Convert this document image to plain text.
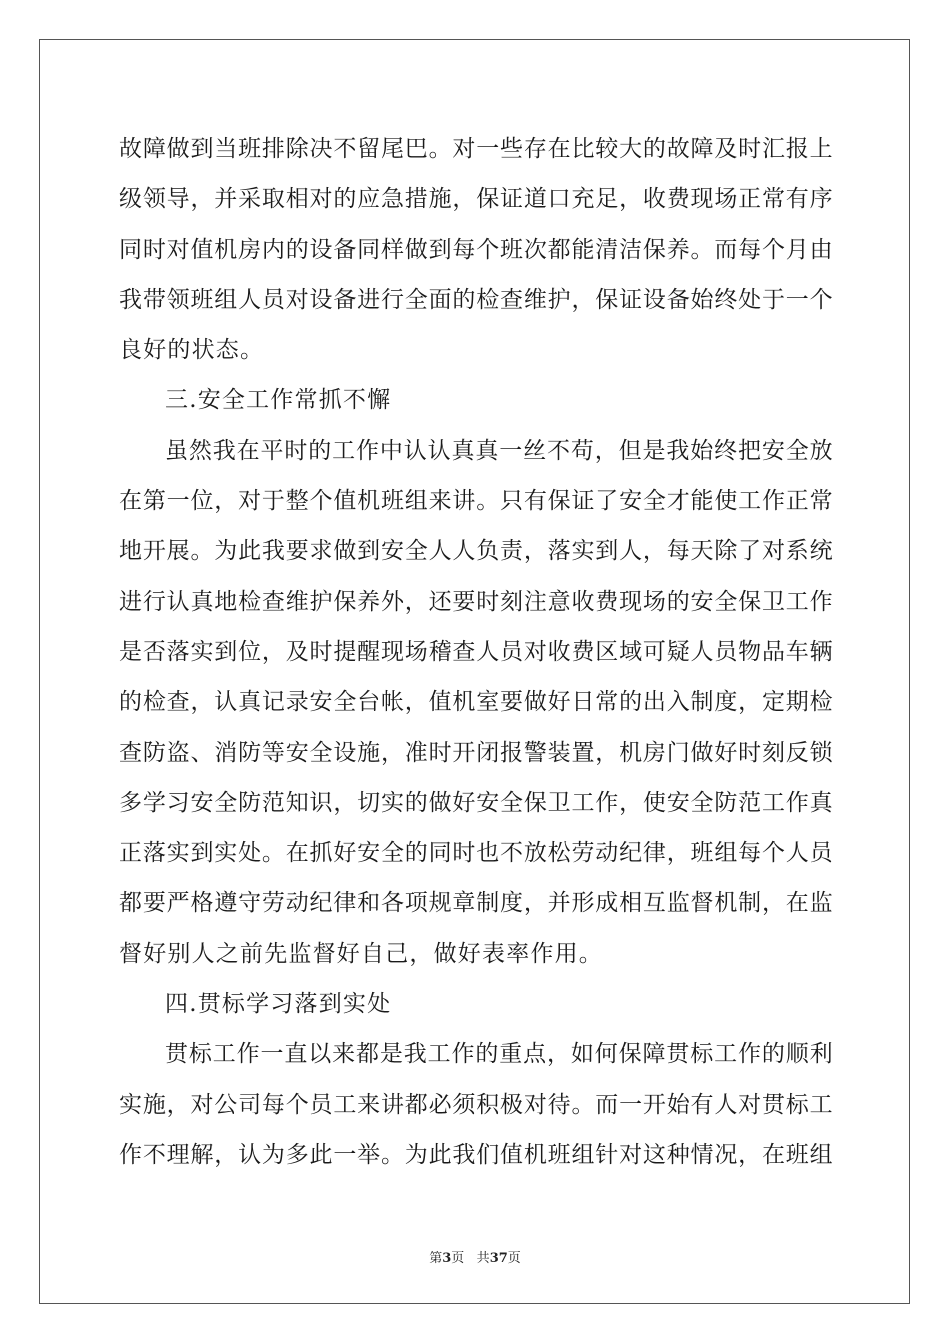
故 障 做 到 当 班 排 除 决 不 留 尾 巴 。 对 一 些 存 在 比 较 大 的 故 障 及 时 汇 报 上
级 领 导 ， 并 采 取 相 对 的 应 急 措 施 ， 保 证 道 口 充 足 ， 收 费 现 场 正 常 有 序
同 时 对 值 机 房 内 的 设 备 同 样 做 到 每 个 班 次 都 能 清 洁 保 养 。 而 每 个 月 由
我 带 领 班 组 人 员 对 设 备 进 行 全 面 的 检 查 维 护 ， 保 证 设 备 始 终 处 于 一 个
良好的状态。
三.安全工作常抓不懈
虽 然 我 在 平 时 的 工 作 中 认 认 真 真 一 丝 不 苟 ， 但 是 我 始 终 把 安 全 放
在 第 一 位 ， 对 于 整 个 值 机 班 组 来 讲 。 只 有 保 证 了 安 全 才 能 使 工 作 正 常
地 开 展 。 为 此 我 要 求 做 到 安 全 人 人 负 责 ， 落 实 到 人 ， 每 天 除 了 对 系 统
进 行 认 真 地 检 查 维 护 保 养 外 ， 还 要 时 刻 注 意 收 费 现 场 的 安 全 保 卫 工 作
是 否 落 实 到 位 ， 及 时 提 醒 现 场 稽 查 人 员 对 收 费 区 域 可 疑 人 员 物 品 车 辆
的 检 查 ， 认 真 记 录 安 全 台 帐 ， 值 机 室 要 做 好 日 常 的 出 入 制 度 ， 定 期 检
查 防 盗 、 消 防 等 安 全 设 施 ， 准 时 开 闭 报 警 装 置 ， 机 房 门 做 好 时 刻 反 锁
多 学 习 安 全 防 范 知 识 ， 切 实 的 做 好 安 全 保 卫 工 作 ， 使 安 全 防 范 工 作 真
正 落 实 到 实 处 。 在 抓 好 安 全 的 同 时 也 不 放 松 劳 动 纪 律 ， 班 组 每 个 人 员
都 要 严 格 遵 守 劳 动 纪 律 和 各 项 规 章 制 度 ， 并 形 成 相 互 监 督 机 制 ， 在 监
督好别人之前先监督好自己，做好表率作用。
四.贯标学习落到实处
贯 标 工 作 一 直 以 来 都 是 我 工 作 的 重 点 ， 如 何 保 障 贯 标 工 作 的 顺 利
实 施 ， 对 公 司 每 个 员 工 来 讲 都 必 须 积 极 对 待 。 而 一 开 始 有 人 对 贯 标 工
作 不 理 解 ， 认 为 多 此 一 举 。 为 此 我 们 值 机 班 组 针 对 这 种 情 况 ， 在 班 组
第3页 共37页
